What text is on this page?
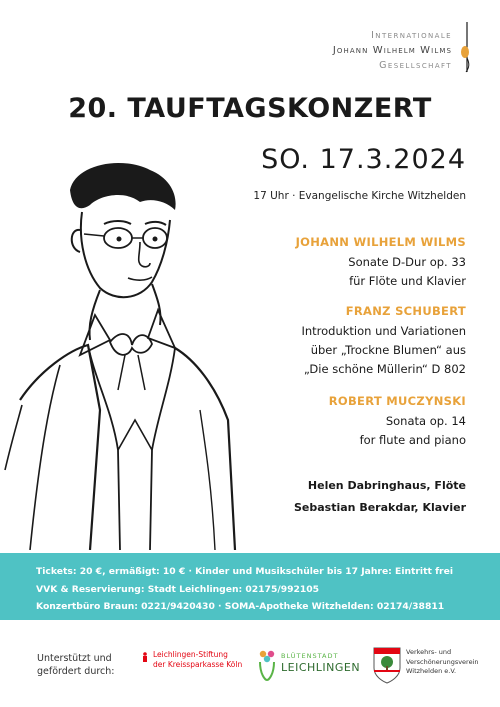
Internationale
Johann Wilhelm Wilms
Gesellschaft
20. TAUFTAGSKONZERT
SO. 17.3.2024
17 Uhr · Evangelische Kirche Witzhelden
JOHANN WILHELM WILMS
Sonate D-Dur op. 33
für Flöte und Klavier
FRANZ SCHUBERT
Introduktion und Variationen
über „Trockne Blumen“ aus
„Die schöne Müllerin“ D 802
ROBERT MUCZYNSKI
Sonata op. 14
for flute and piano
Helen Dabringhaus, Flöte
Sebastian Berakdar, Klavier
Tickets: 20 €, ermäßigt: 10 € · Kinder und Musikschüler bis 17 Jahre: Eintritt frei
VVK & Reservierung: Stadt Leichlingen: 02175/992105
Konzertbüro Braun: 0221/9420430 · SOMA-Apotheke Witzhelden: 02174/38811
Unterstützt und
gefördert durch:
Leichlingen-Stiftung
der Kreissparkasse Köln
BLÜTENSTADT
LEICHLINGEN
Verkehrs- und
Verschönerungsverein
Witzhelden e.V.
